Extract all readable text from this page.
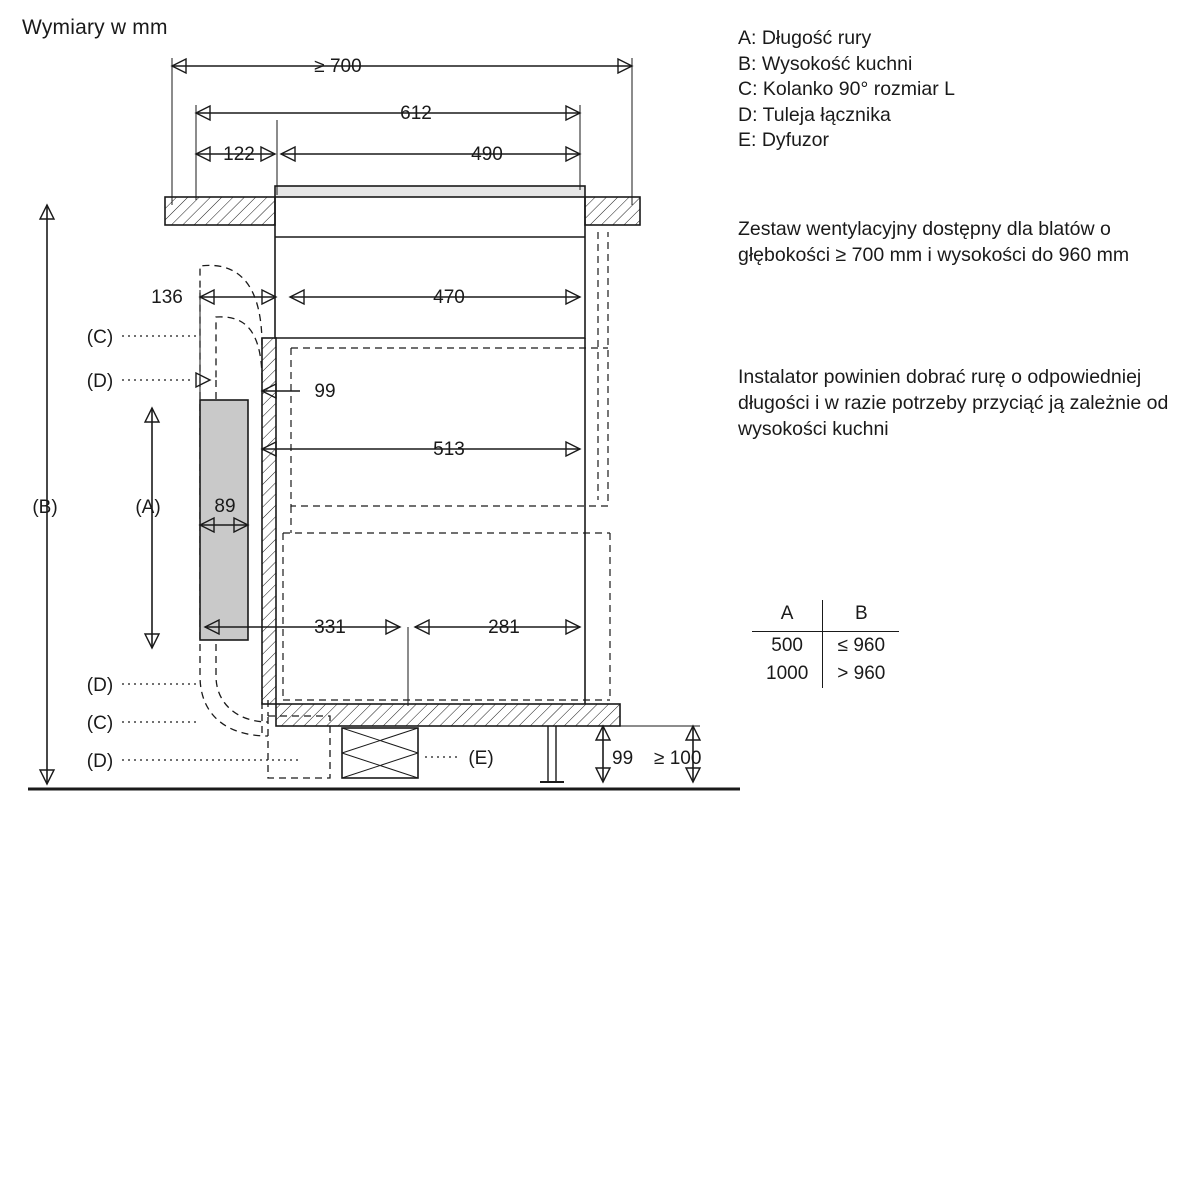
Wymiary w mm
≥ 700
612
122	490
136	470
99
513
89
331	281
99 ≥ 100
(B)	(A)
(C)
(D)
(D)
(C)
(D)	(E)
A: Długość rury
B: Wysokość kuchni
C: Kolanko 90° rozmiar L
D: Tuleja łącznika
E: Dyfuzor
Zestaw wentylacyjny dostępny dla blatów o głębokości ≥ 700 mm i wysokości do 960 mm
Instalator powinien dobrać rurę o odpowiedniej długości i w razie potrzeby przyciąć ją zależnie od wysokości kuchni
A	B
500	≤ 960
1000	> 960
